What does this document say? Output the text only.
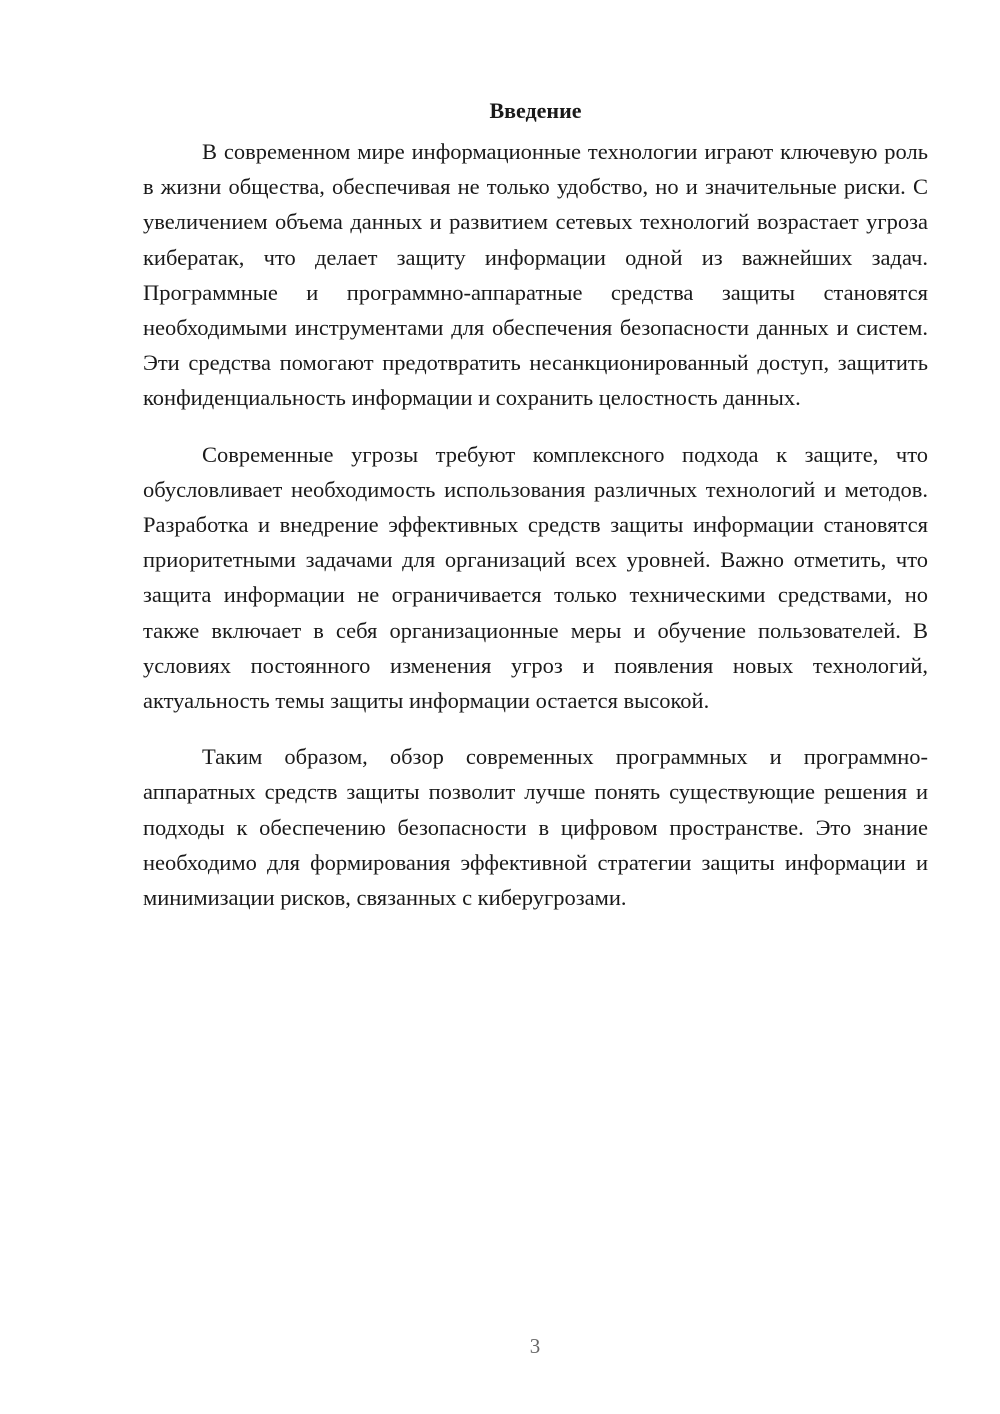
Введение

В современном мире информационные технологии играют ключевую роль в жизни общества, обеспечивая не только удобство, но и значительные риски. С увеличением объема данных и развитием сетевых технологий возрастает угроза кибератак, что делает защиту информации одной из важнейших задач. Программные и программно-аппаратные средства защиты становятся необходимыми инструментами для обеспечения безопасности данных и систем. Эти средства помогают предотвратить несанкционированный доступ, защитить конфиденциальность информации и сохранить целостность данных.

Современные угрозы требуют комплексного подхода к защите, что обусловливает необходимость использования различных технологий и методов. Разработка и внедрение эффективных средств защиты информации становятся приоритетными задачами для организаций всех уровней. Важно отметить, что защита информации не ограничивается только техническими средствами, но также включает в себя организационные меры и обучение пользователей. В условиях постоянного изменения угроз и появления новых технологий, актуальность темы защиты информации остается высокой.

Таким образом, обзор современных программных и программно-аппаратных средств защиты позволит лучше понять существующие решения и подходы к обеспечению безопасности в цифровом пространстве. Это знание необходимо для формирования эффективной стратегии защиты информации и минимизации рисков, связанных с киберугрозами.

3
